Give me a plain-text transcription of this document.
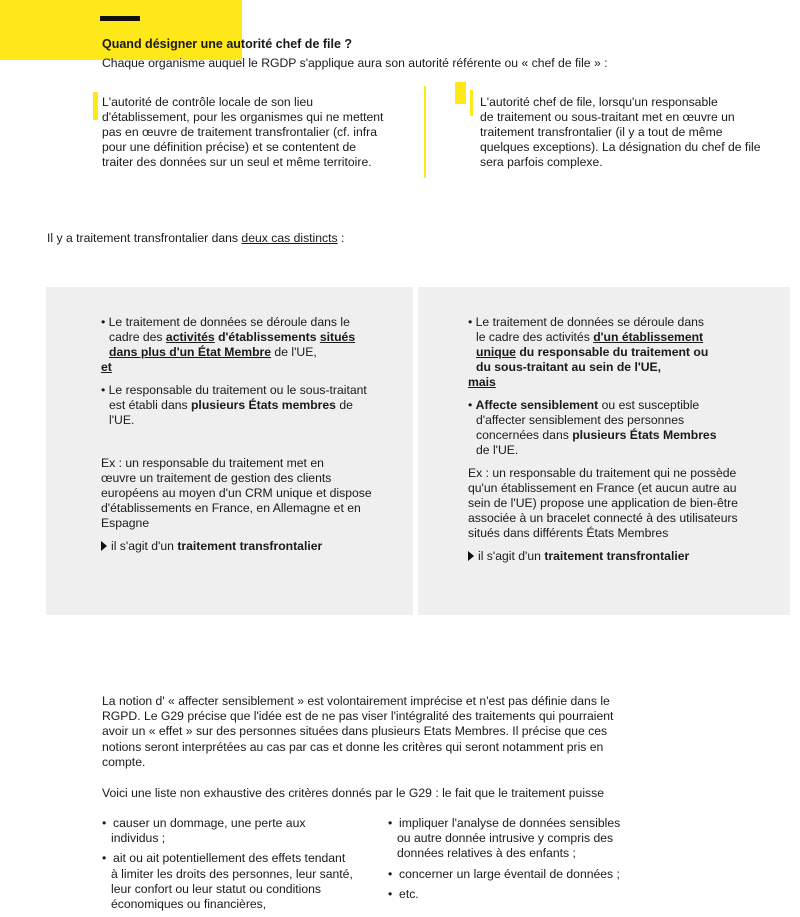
Quand désigner une autorité chef de file ?
Chaque organisme auquel le RGDP s'applique aura son autorité référente ou « chef de file » :
L'autorité de contrôle locale de son lieu
d'établissement, pour les organismes qui ne mettent
pas en œuvre de traitement transfrontalier (cf. infra
pour une définition précise) et se contentent de
traiter des données sur un seul et même territoire.
L'autorité chef de file, lorsqu'un responsable
de traitement ou sous-traitant met en œuvre un
traitement transfrontalier (il y a tout de même
quelques exceptions). La désignation du chef de file
sera parfois complexe.
Il y a traitement transfrontalier dans deux cas distincts :
• Le traitement de données se déroule dans le
cadre des activités d'établissements situés
dans plus d'un État Membre de l'UE,
et
• Le responsable du traitement ou le sous-traitant
est établi dans plusieurs États membres de
l'UE.
Ex : un responsable du traitement met en
œuvre un traitement de gestion des clients
européens au moyen d'un CRM unique et dispose
d'établissements en France, en Allemagne et en
Espagne
il s'agit d'un traitement transfrontalier
• Le traitement de données se déroule dans
le cadre des activités d'un établissement
unique du responsable du traitement ou
du sous-traitant au sein de l'UE,
mais
• Affecte sensiblement ou est susceptible
d'affecter sensiblement des personnes
concernées dans plusieurs États Membres
de l'UE.
Ex : un responsable du traitement qui ne possède
qu'un établissement en France (et aucun autre au
sein de l'UE) propose une application de bien-être
associée à un bracelet connecté à des utilisateurs
situés dans différents États Membres
il s'agit d'un traitement transfrontalier
La notion d' « affecter sensiblement » est volontairement imprécise et n'est pas définie dans le
RGPD. Le G29 précise que l'idée est de ne pas viser l'intégralité des traitements qui pourraient
avoir un « effet » sur des personnes situées dans plusieurs Etats Membres. Il précise que ces
notions seront interprétées au cas par cas et donne les critères qui seront notamment pris en
compte.
Voici une liste non exhaustive des critères donnés par le G29 : le fait que le traitement puisse
•  causer un dommage, une perte aux
individus ;
•  ait ou ait potentiellement des effets tendant
à limiter les droits des personnes, leur santé,
leur confort ou leur statut ou conditions
économiques ou financières,
•  impliquer l'analyse de données sensibles
ou autre donnée intrusive y compris des
données relatives à des enfants ;
•  concerner un large éventail de données ;
•  etc.
